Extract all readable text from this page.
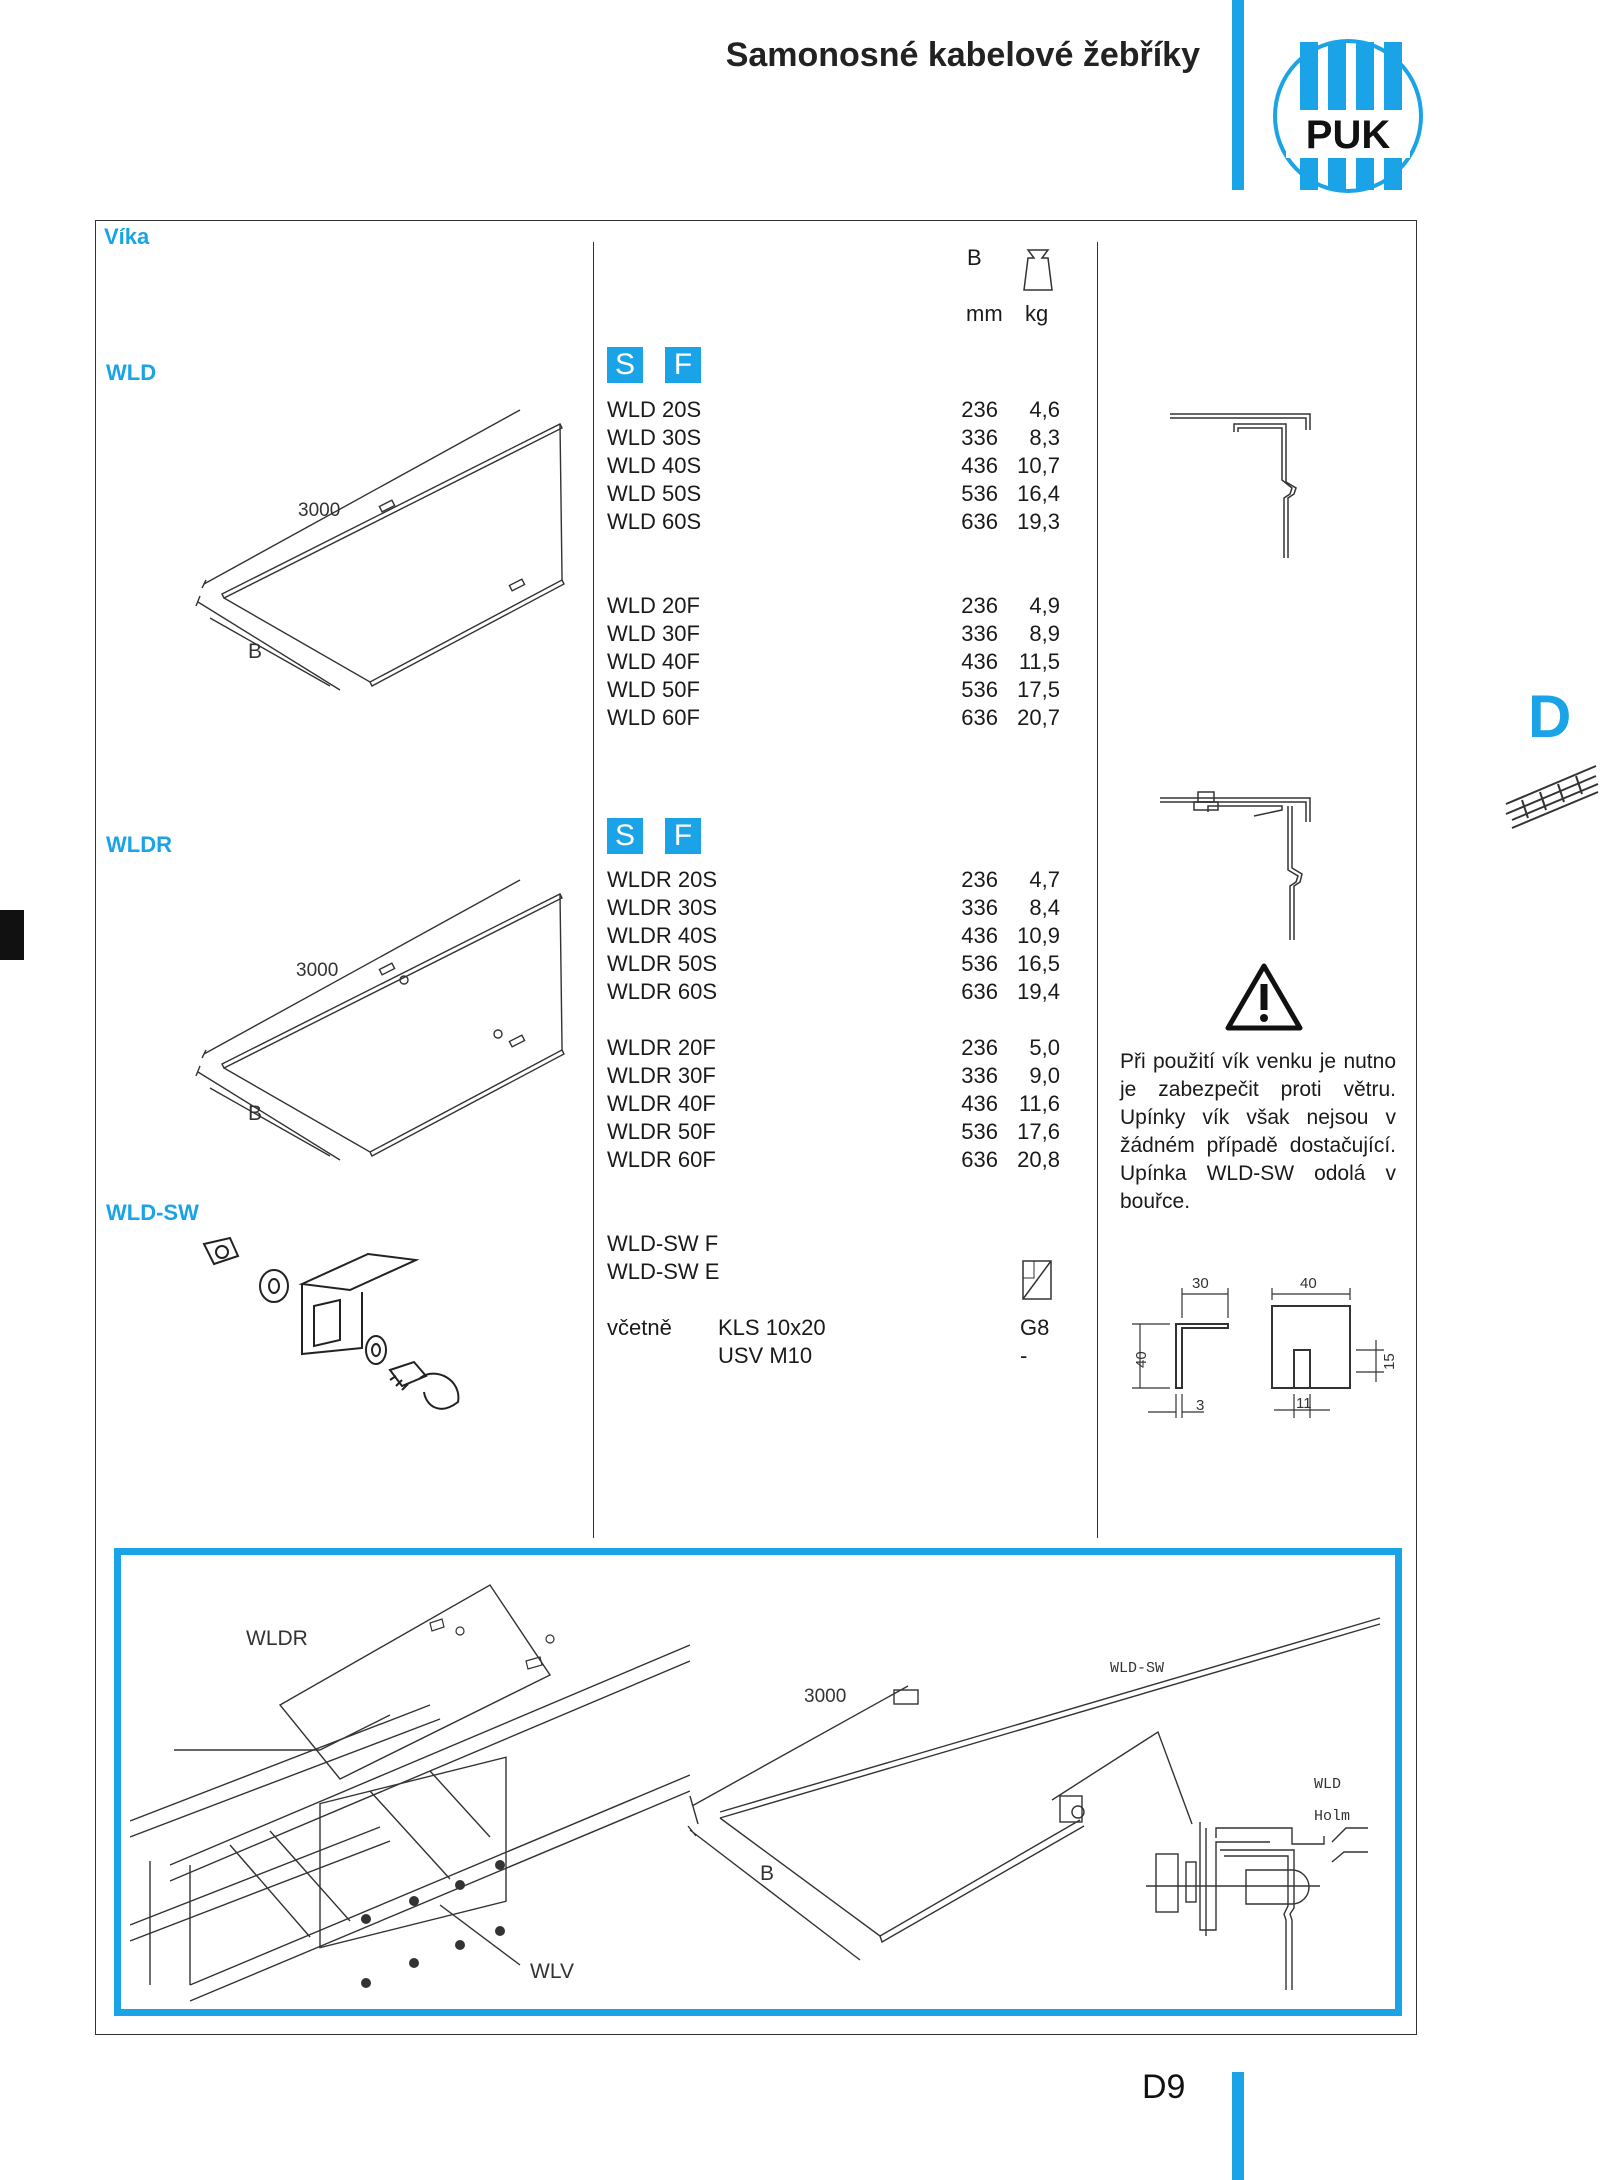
Samonosné kabelové žebříky
PUK
D
Víka
WLD
WLDR
WLD-SW
B
mm kg
S F
S F
WLD 20S	236	4,6
WLD 30S	336	8,3
WLD 40S	436 10,7
WLD 50S	536 16,4
WLD 60S	636 19,3
WLD 20F	236	4,9
WLD 30F	336	8,9
WLD 40F	436 11,5
WLD 50F	536 17,5
WLD 60F	636 20,7
WLDR 20S	236	4,7
WLDR 30S	336	8,4
WLDR 40S	436 10,9
WLDR 50S	536 16,5
WLDR 60S	636 19,4
WLDR 20F	236	5,0
WLDR 30F	336	9,0
WLDR 40F	436 11,6
WLDR 50F	536 17,6
WLDR 60F	636 20,8
WLD-SW F
WLD-SW E
včetně KLS 10x20	G8
USV M10	-
3000
B
3000
B
Při použití vík venku je nutno je zabezpečit proti větru. Upínky vík však nejsou v žádném případě dostačující. Upínka WLD-SW odolá v bouřce.
30	40
40	15
3	11
WLDR
WLV
3000
B
WLD-SW
WLD
Holm
D9
